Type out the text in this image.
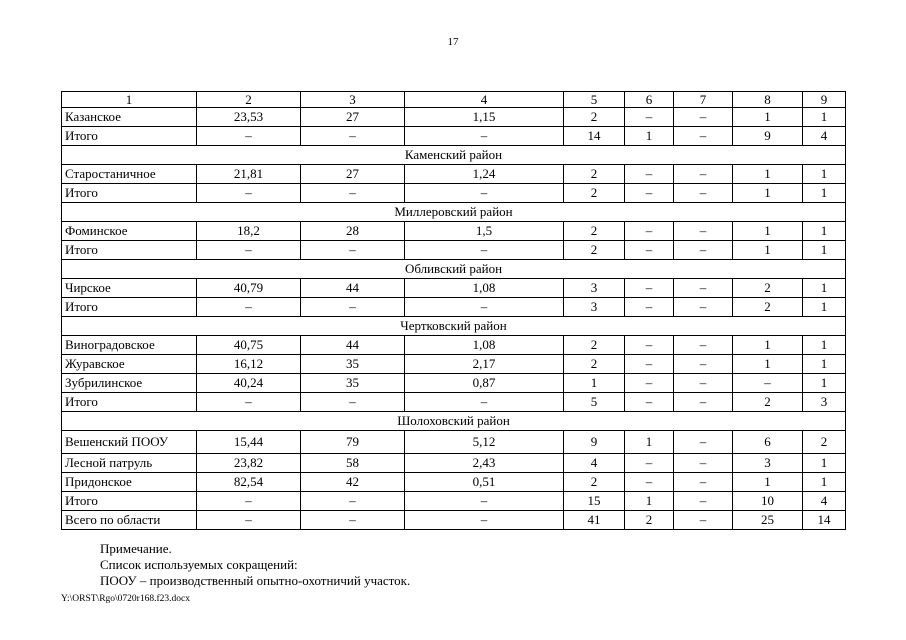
17
1	2	3	4	5	6	7	8	9
Казанское	23,53	27	1,15	2	–	–	1	1
Итого	–	–	–	14	1	–	9	4
Каменский район								
Старостаничное	21,81	27	1,24	2	–	–	1	1
Итого	–	–	–	2	–	–	1	1
Миллеровский район								
Фоминское	18,2	28	1,5	2	–	–	1	1
Итого	–	–	–	2	–	–	1	1
Обливский район								
Чирское	40,79	44	1,08	3	–	–	2	1
Итого	–	–	–	3	–	–	2	1
Чертковский район								
Виноградовское	40,75	44	1,08	2	–	–	1	1
Журавское	16,12	35	2,17	2	–	–	1	1
Зубрилинское	40,24	35	0,87	1	–	–	–	1
Итого	–	–	–	5	–	–	2	3
Шолоховский район								
Вешенский ПООУ	15,44	79	5,12	9	1	–	6	2
Лесной патруль	23,82	58	2,43	4	–	–	3	1
Придонское	82,54	42	0,51	2	–	–	1	1
Итого	–	–	–	15	1	–	10	4
Всего по области	–	–	–	41	2	–	25	14
Примечание.
Список используемых сокращений:
ПООУ – производственный опытно-охотничий участок.
Y:\ORST\Rgo\0720r168.f23.docx
